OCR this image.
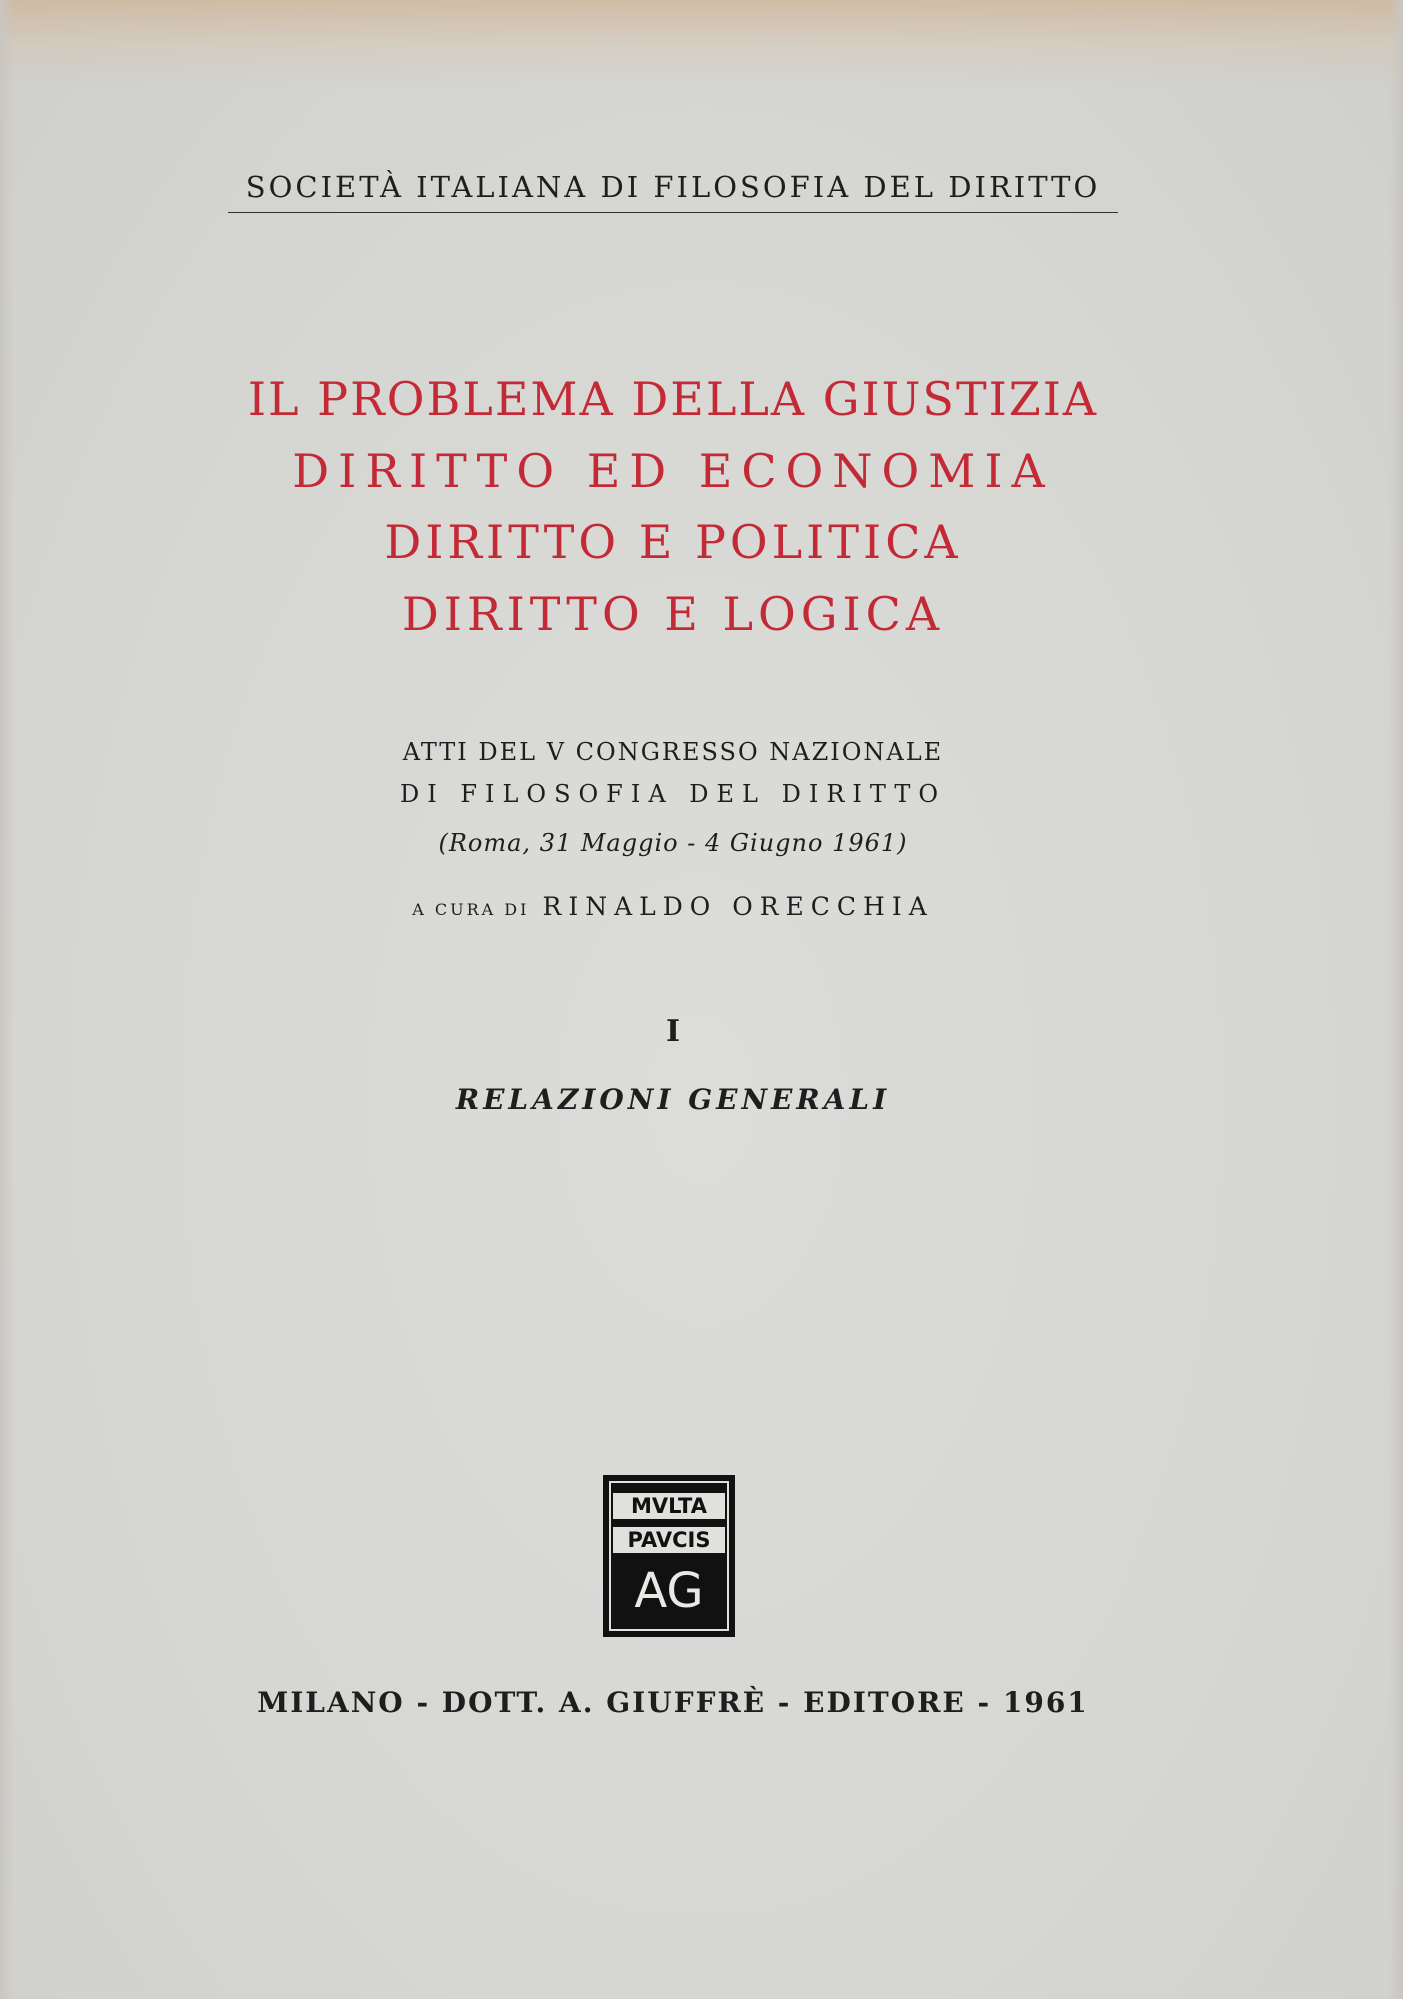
SOCIETÀ ITALIANA DI FILOSOFIA DEL DIRITTO
IL PROBLEMA DELLA GIUSTIZIA
DIRITTO ED ECONOMIA
DIRITTO E POLITICA
DIRITTO E LOGICA
ATTI DEL V CONGRESSO NAZIONALE
DI FILOSOFIA DEL DIRITTO
(Roma, 31 Maggio - 4 Giugno 1961)
A CURA DI RINALDO ORECCHIA
I
RELAZIONI GENERALI
MVLTA
PAVCIS
AG
MILANO - DOTT. A. GIUFFRÈ - EDITORE - 1961
